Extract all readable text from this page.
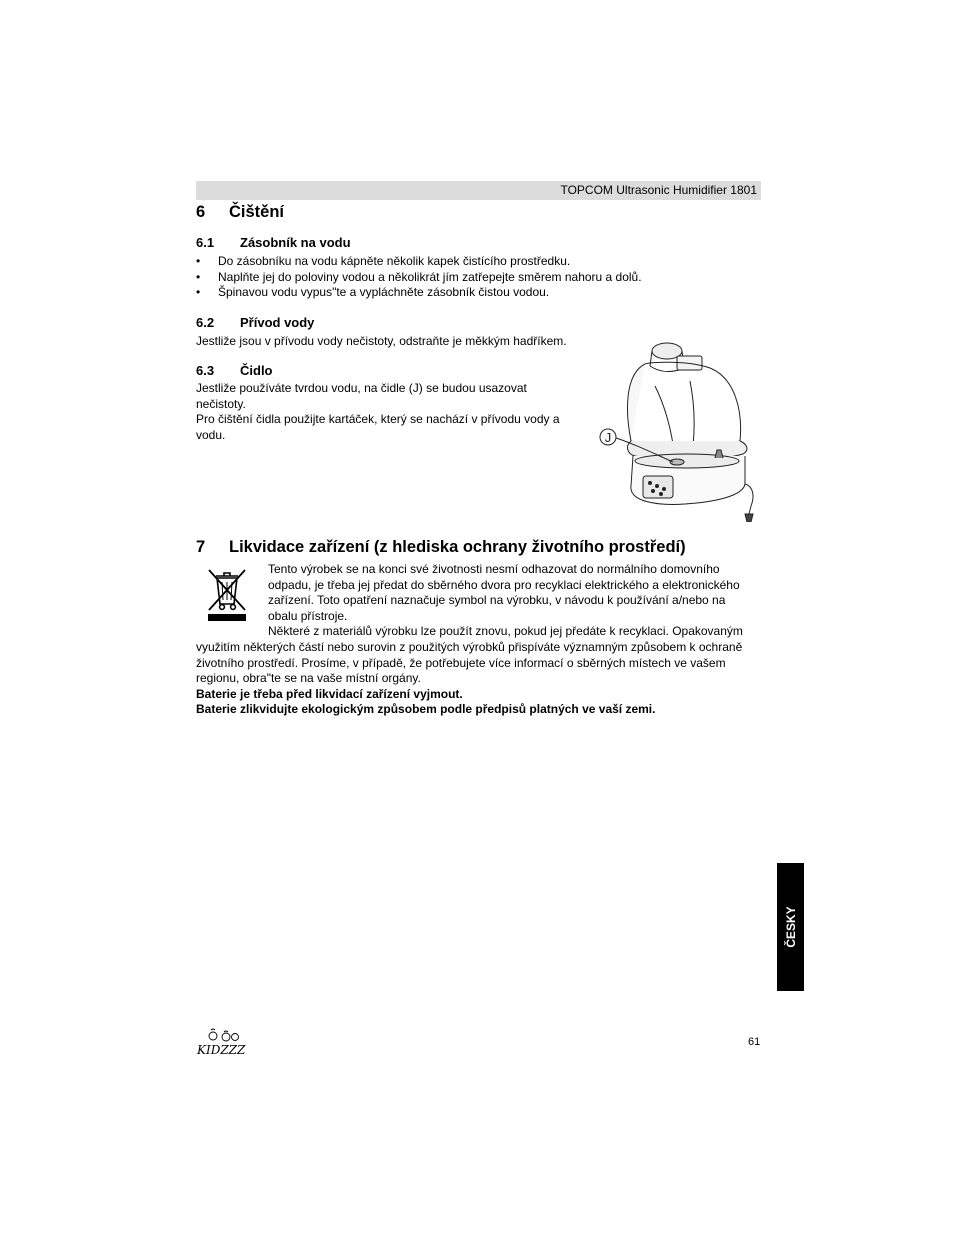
TOPCOM Ultrasonic Humidifier 1801
6 Čištění
6.1 Zásobník na vodu
• Do zásobníku na vodu kápněte několik kapek čistícího prostředku.
• Naplňte jej do poloviny vodou a několikrát jím zatřepejte směrem nahoru a dolů.
• Špinavou vodu vypus"te a vypláchněte zásobník čistou vodou.
6.2 Přívod vody

Jestliže jsou v přívodu vody nečistoty, odstraňte je měkkým hadříkem.

6.3 Čidlo
Jestliže používáte tvrdou vodu, na čidle (J) se budou usazovat
nečistoty.
Pro čištění čidla použijte kartáček, který se nachází v přívodu vody a
vodu.	J
7 Likvidace zařízení (z hlediska ochrany životního prostředí)
Tento výrobek se na konci své životnosti nesmí odhazovat do normálního domovního
odpadu, je třeba jej předat do sběrného dvora pro recyklaci elektrického a elektronického
zařízení. Toto opatření naznačuje symbol na výrobku, v návodu k používání a/nebo na
obalu přístroje.
Některé z materiálů výrobku lze použít znovu, pokud jej předáte k recyklaci. Opakovaným
využitím některých částí nebo surovin z použitých výrobků přispíváte významným způsobem k ochraně
životního prostředí. Prosíme, v případě, že potřebujete více informací o sběrných místech ve vašem
regionu, obra"te se na vaše místní orgány.
Baterie je třeba před likvidací zařízení vyjmout.
Baterie zlikvidujte ekologickým způsobem podle předpisů platných ve vaší zemi.
ČESKY
KIDZZZ
61
